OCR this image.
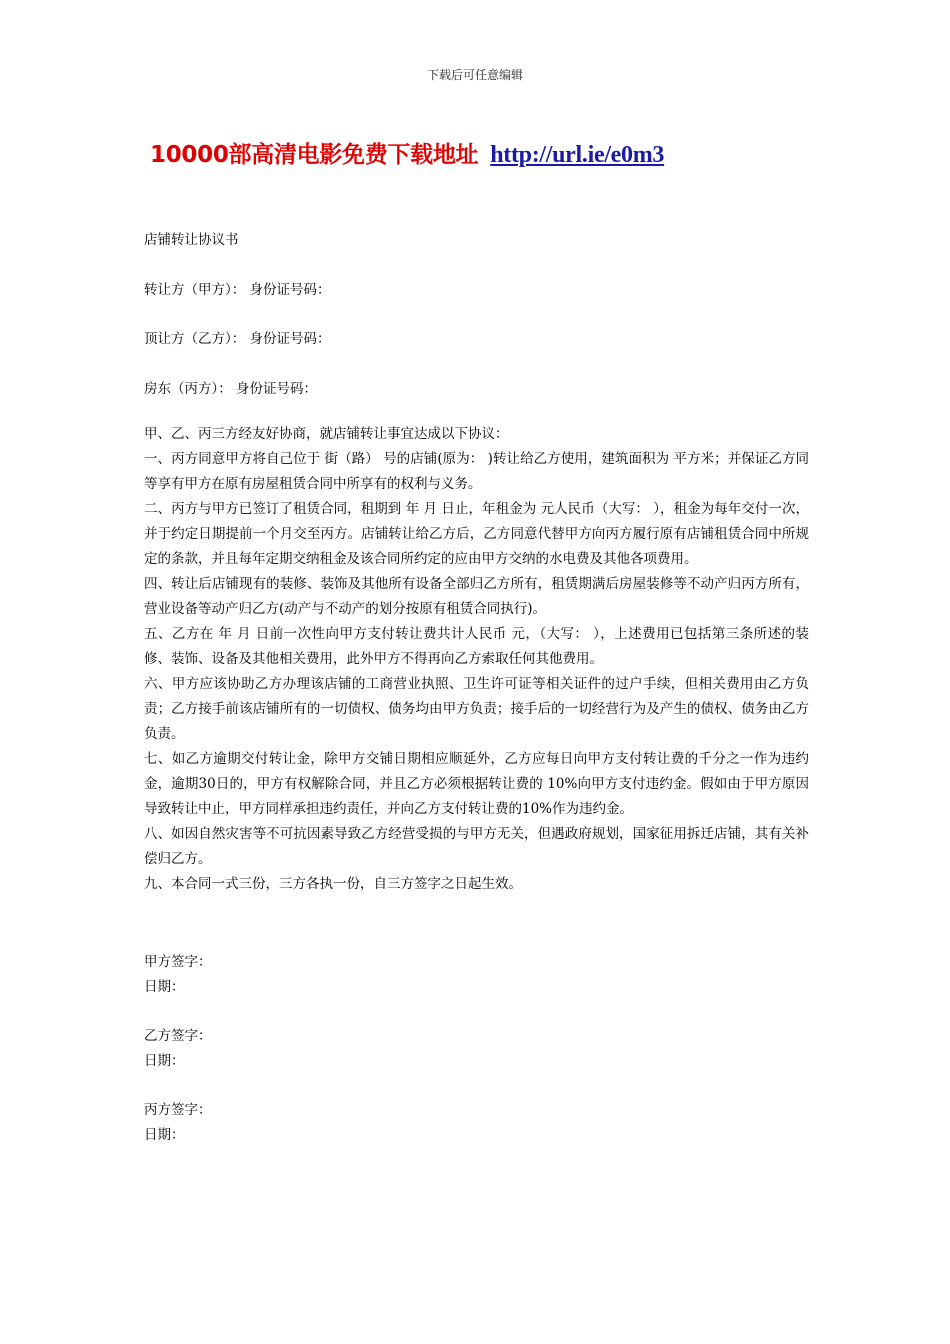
下载后可任意编辑
10000部高清电影免费下载地址 http://url.ie/e0m3
店铺转让协议书
转让方（甲方）： 身份证号码：
顶让方（乙方）： 身份证号码：
房东（丙方）： 身份证号码：

甲、乙、丙三方经友好协商，就店铺转让事宜达成以下协议：

一、丙方同意甲方将自己位于 街（路） 号的店铺(原为： )转让给乙方使用，建筑面积为 平方米；并保证乙方同等享有甲方在原有房屋租赁合同中所享有的权利与义务。

二、丙方与甲方已签订了租赁合同，租期到 年 月 日止，年租金为 元人民币（大写： ），租金为每年交付一次，并于约定日期提前一个月交至丙方。店铺转让给乙方后，乙方同意代替甲方向丙方履行原有店铺租赁合同中所规定的条款，并且每年定期交纳租金及该合同所约定的应由甲方交纳的水电费及其他各项费用。

四、转让后店铺现有的装修、装饰及其他所有设备全部归乙方所有，租赁期满后房屋装修等不动产归丙方所有，营业设备等动产归乙方(动产与不动产的划分按原有租赁合同执行)。

五、乙方在 年 月 日前一次性向甲方支付转让费共计人民币 元，（大写： ），上述费用已包括第三条所述的装修、装饰、设备及其他相关费用，此外甲方不得再向乙方索取任何其他费用。

六、甲方应该协助乙方办理该店铺的工商营业执照、卫生许可证等相关证件的过户手续，但相关费用由乙方负责；乙方接手前该店铺所有的一切债权、债务均由甲方负责；接手后的一切经营行为及产生的债权、债务由乙方负责。

七、如乙方逾期交付转让金，除甲方交铺日期相应顺延外，乙方应每日向甲方支付转让费的千分之一作为违约金，逾期30日的，甲方有权解除合同，并且乙方必须根据转让费的 10%向甲方支付违约金。假如由于甲方原因导致转让中止，甲方同样承担违约责任，并向乙方支付转让费的10%作为违约金。

八、如因自然灾害等不可抗因素导致乙方经营受损的与甲方无关，但遇政府规划，国家征用拆迁店铺，其有关补偿归乙方。

九、本合同一式三份，三方各执一份，自三方签字之日起生效。

甲方签字：
日期：
乙方签字：
日期：
丙方签字：
日期：
